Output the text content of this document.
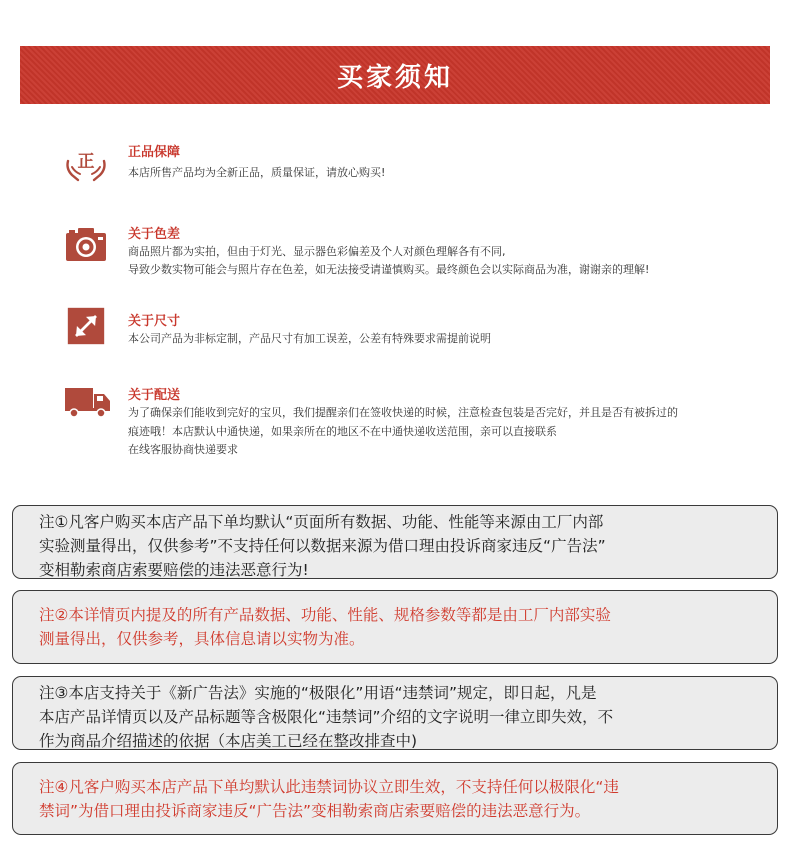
买家须知
正	正品保障
本店所售产品均为全新正品，质量保证，请放心购买!
关于色差
商品照片都为实拍，但由于灯光、显示器色彩偏差及个人对颜色理解各有不同,
导致少数实物可能会与照片存在色差，如无法接受请谨慎购买。最终颜色会以实际商品为准，谢谢亲的理解!
关于尺寸
本公司产品为非标定制，产品尺寸有加工误差，公差有特殊要求需提前说明
关于配送
为了确保亲们能收到完好的宝贝，我们提醒亲们在签收快递的时候，注意检查包装是否完好，并且是否有被拆过的
痕迹哦！本店默认中通快递，如果亲所在的地区不在中通快递收送范围，亲可以直接联系
在线客服协商快递要求
注①凡客户购买本店产品下单均默认“页面所有数据、功能、性能等来源由工厂内部
实验测量得出，仅供参考”不支持任何以数据来源为借口理由投诉商家违反“广告法”
变相勒索商店索要赔偿的违法恶意行为!
注②本详情页内提及的所有产品数据、功能、性能、规格参数等都是由工厂内部实验
测量得出，仅供参考，具体信息请以实物为准。
注③本店支持关于《新广告法》实施的“极限化”用语“违禁词”规定，即日起，凡是
本店产品详情页以及产品标题等含极限化“违禁词”介绍的文字说明一律立即失效，不
作为商品介绍描述的依据（本店美工已经在整改排查中)
注④凡客户购买本店产品下单均默认此违禁词协议立即生效，不支持任何以极限化“违
禁词”为借口理由投诉商家违反“广告法”变相勒索商店索要赔偿的违法恶意行为。
